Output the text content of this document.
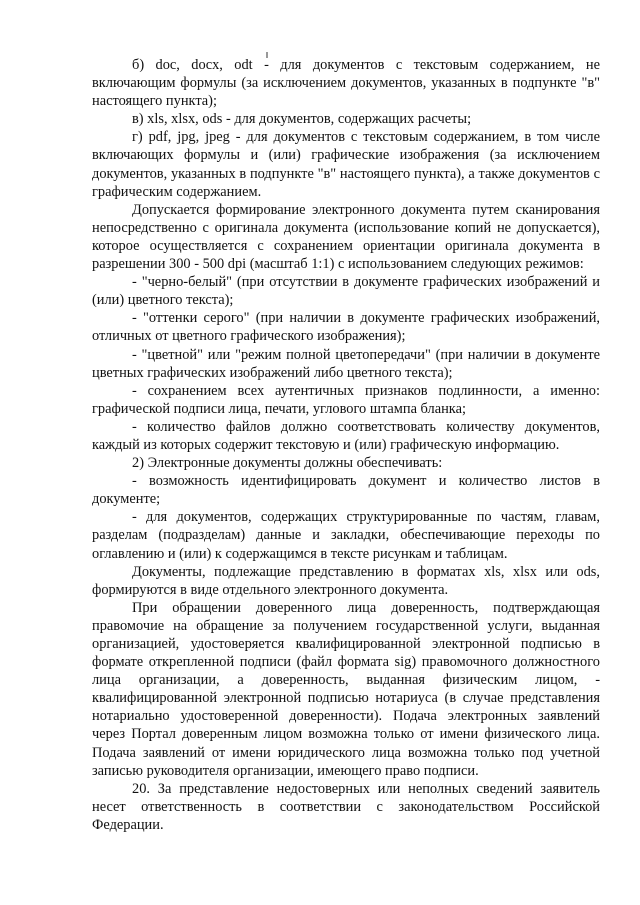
б) doc, docx, odt - для документов с текстовым содержанием, не включающим формулы (за исключением документов, указанных в подпункте "в" настоящего пункта);

в) xls, xlsx, ods - для документов, содержащих расчеты;

г) pdf, jpg, jpeg - для документов с текстовым содержанием, в том числе включающих формулы и (или) графические изображения (за исключением документов, указанных в подпункте "в" настоящего пункта), а также документов с графическим содержанием.

Допускается формирование электронного документа путем сканирования непосредственно с оригинала документа (использование копий не допускается), которое осуществляется с сохранением ориентации оригинала документа в разрешении 300 - 500 dpi (масштаб 1:1) с использованием следующих режимов:

- "черно-белый" (при отсутствии в документе графических изображений и (или) цветного текста);

- "оттенки серого" (при наличии в документе графических изображений, отличных от цветного графического изображения);

- "цветной" или "режим полной цветопередачи" (при наличии в документе цветных графических изображений либо цветного текста);

- сохранением всех аутентичных признаков подлинности, а именно: графической подписи лица, печати, углового штампа бланка;

- количество файлов должно соответствовать количеству документов, каждый из которых содержит текстовую и (или) графическую информацию.

2) Электронные документы должны обеспечивать:

- возможность идентифицировать документ и количество листов в документе;

- для документов, содержащих структурированные по частям, главам, разделам (подразделам) данные и закладки, обеспечивающие переходы по оглавлению и (или) к содержащимся в тексте рисункам и таблицам.

Документы, подлежащие представлению в форматах xls, xlsx или ods, формируются в виде отдельного электронного документа.

При обращении доверенного лица доверенность, подтверждающая правомочие на обращение за получением государственной услуги, выданная организацией, удостоверяется квалифицированной электронной подписью в формате открепленной подписи (файл формата sig) правомочного должностного лица организации, а доверенность, выданная физическим лицом, - квалифицированной электронной подписью нотариуса (в случае представления нотариально удостоверенной доверенности). Подача электронных заявлений через Портал доверенным лицом возможна только от имени физического лица. Подача заявлений от имени юридического лица возможна только под учетной записью руководителя организации, имеющего право подписи.

20. За представление недостоверных или неполных сведений заявитель несет ответственность в соответствии с законодательством Российской Федерации.
